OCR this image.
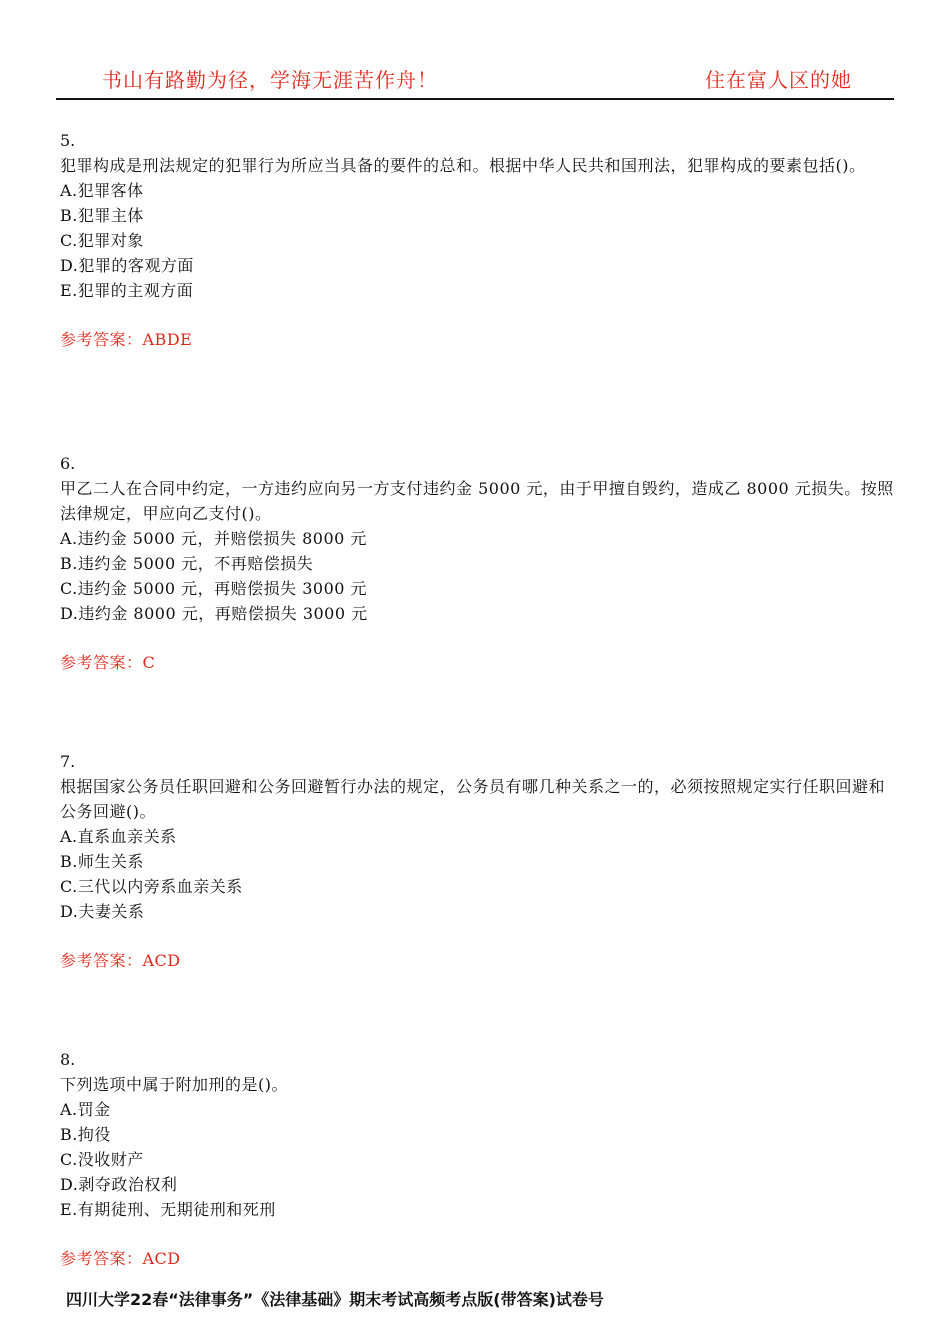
书山有路勤为径，学海无涯苦作舟！	住在富人区的她
5.
犯罪构成是刑法规定的犯罪行为所应当具备的要件的总和。根据中华人民共和国刑法，犯罪构成的要素包括()。
A.犯罪客体
B.犯罪主体
C.犯罪对象
D.犯罪的客观方面
E.犯罪的主观方面
参考答案：ABDE
6.
甲乙二人在合同中约定，一方违约应向另一方支付违约金 5000 元，由于甲擅自毁约，造成乙 8000 元损失。按照法律规定，甲应向乙支付()。
A.违约金 5000 元，并赔偿损失 8000 元
B.违约金 5000 元，不再赔偿损失
C.违约金 5000 元，再赔偿损失 3000 元
D.违约金 8000 元，再赔偿损失 3000 元
参考答案：C
7.
根据国家公务员任职回避和公务回避暂行办法的规定，公务员有哪几种关系之一的，必须按照规定实行任职回避和公务回避()。
A.直系血亲关系
B.师生关系
C.三代以内旁系血亲关系
D.夫妻关系
参考答案：ACD
8.
下列选项中属于附加刑的是()。
A.罚金
B.拘役
C.没收财产
D.剥夺政治权利
E.有期徒刑、无期徒刑和死刑
参考答案：ACD
四川大学22春“法律事务”《法律基础》期末考试高频考点版(带答案)试卷号
